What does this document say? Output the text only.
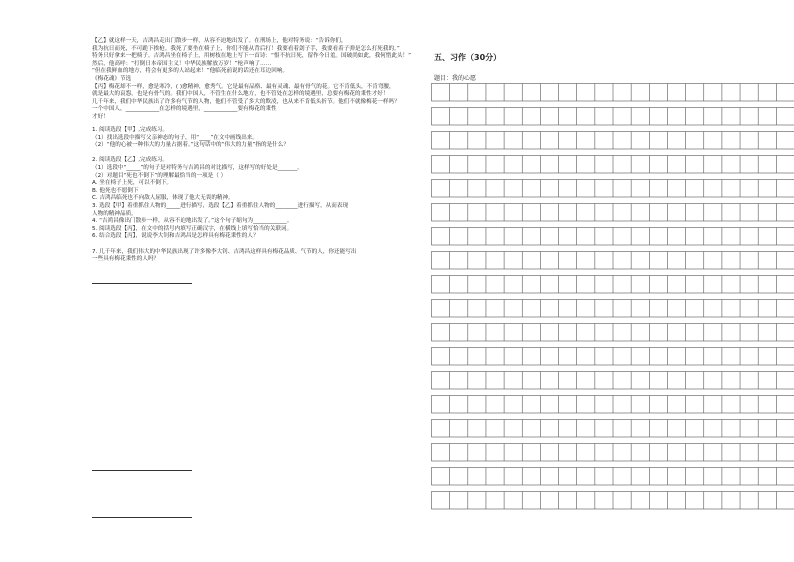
【乙】就这样一天，吉鸿昌走出门散步一样，从容不迫地出发了。在刑场上，他对特务说：“告诉你们，

我为抗日而死，不可跪下挨枪。我死了要坐在椅子上，你们不能从背后打！我要看着刽子手，我要看着子弹是怎么打死我的。”

特务只好拿来一把椅子。吉鸿昌坐在椅子上，用树枝在地上写下一首诗：“恨不抗日死，留作今日羞。国破尚如此，我何惜此头！”

然后，他高呼：“打倒日本帝国主义！中华民族解放万岁！”枪声响了……

“但在我鲜血的地方，将会有更多的人站起来！”他临死前说的话还在耳边回响。

《梅花魂》节选

【丙】梅花却不一样，愈是寒冷，( )愈精神，愈秀气。它是最有品格、最有灵魂、最有骨气的花。它不肯低头，不肯弯腰，

就是最大的哀怨，也是有骨气的。我们中国人，不管生在什么地方，也不管处在怎样的境遇里，总要有梅花的秉性才好！

几千年来，我们中华民族出了许多有气节的人物，他们不管受了多大的欺凌，也从来不肯低头折节。他们不就像梅花一样吗？

一个中国人，____________在怎样的境遇里，____________要有梅花的秉性

才好！

1. 阅读选段【甲】,完成练习。

（1）找出选段中描写父亲神态的句子，用“____”在文中画线出来。

（2）“他的心被一种伟大的力量占据着。”这句话中的“伟大的力量”指的是什么？

2. 阅读选段【乙】,完成练习。

（1）选段中“_____”的句子是对特务与吉鸿昌的对比描写，这样写的好处是_______。

（2）对题目“死也不倒下”的理解最恰当的一项是（ ）

A. 坐在椅子上死，可以不倒下。

B. 他死也不愿倒下

C. 吉鸿昌临死也不向敌人屈服，体现了他大无畏的精神。

3. 选段【甲】着重抓住人物的_____进行描写，选段【乙】着重抓住人物的________进行描写，从而表现

人物的精神品质。

4. “吉鸿昌像出门散步一样，从容不迫地出发了。”这个句子缩句为____________。

5. 阅读选段【丙】，在文中的括号内填写正确汉字，在横线上填写恰当的关联词。

6. 结合选段【丙】，说说李大钊和吉鸿昌是怎样具有梅花秉性的人？

7. 几千年来，我们伟大的中华民族出现了许多像李大钊、吉鸿昌这样具有梅花品质、气节的人，你还能写出

一些具有梅花秉性的人吗？

五、习作（30分）
题目：我的心愿
